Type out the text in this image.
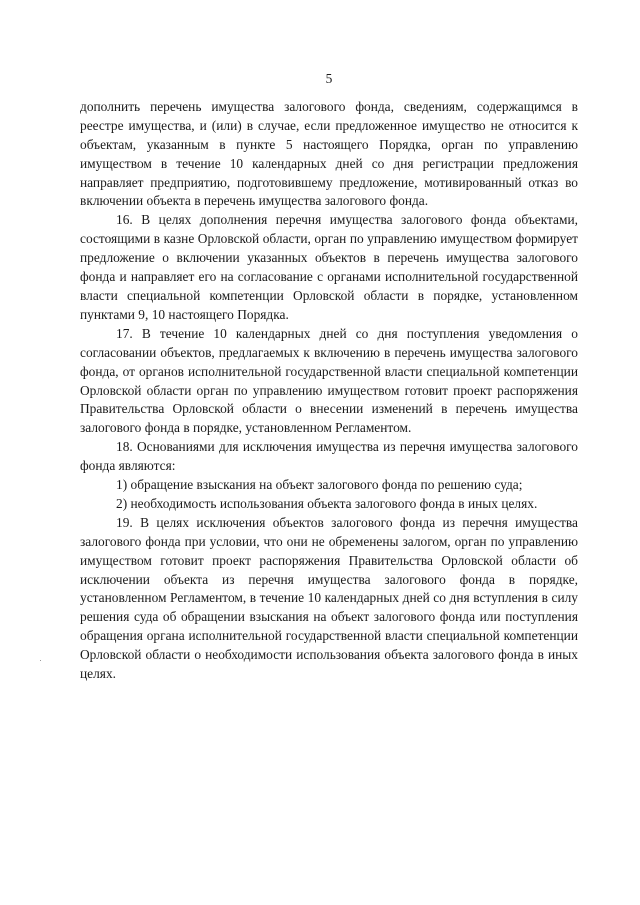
5

дополнить перечень имущества залогового фонда, сведениям, содержащимся в реестре имущества, и (или) в случае, если предложенное имущество не относится к объектам, указанным в пункте 5 настоящего Порядка, орган по управлению имуществом в течение 10 календарных дней со дня регистрации предложения направляет предприятию, подготовившему предложение, мотивированный отказ во включении объекта в перечень имущества залогового фонда.

16. В целях дополнения перечня имущества залогового фонда объектами, состоящими в казне Орловской области, орган по управлению имуществом формирует предложение о включении указанных объектов в перечень имущества залогового фонда и направляет его на согласование с органами исполнительной государственной власти специальной компетенции Орловской области в порядке, установленном пунктами 9, 10 настоящего Порядка.

17. В течение 10 календарных дней со дня поступления уведомления о согласовании объектов, предлагаемых к включению в перечень имущества залогового фонда, от органов исполнительной государственной власти специальной компетенции Орловской области орган по управлению имуществом готовит проект распоряжения Правительства Орловской области о внесении изменений в перечень имущества залогового фонда в порядке, установленном Регламентом.

18. Основаниями для исключения имущества из перечня имущества залогового фонда являются:

1) обращение взыскания на объект залогового фонда по решению суда;

2) необходимость использования объекта залогового фонда в иных целях.

19. В целях исключения объектов залогового фонда из перечня имущества залогового фонда при условии, что они не обременены залогом, орган по управлению имуществом готовит проект распоряжения Правительства Орловской области об исключении объекта из перечня имущества залогового фонда в порядке, установленном Регламентом, в течение 10 календарных дней со дня вступления в силу решения суда об обращении взыскания на объект залогового фонда или поступления обращения органа исполнительной государственной власти специальной компетенции Орловской области о необходимости использования объекта залогового фонда в иных целях.
